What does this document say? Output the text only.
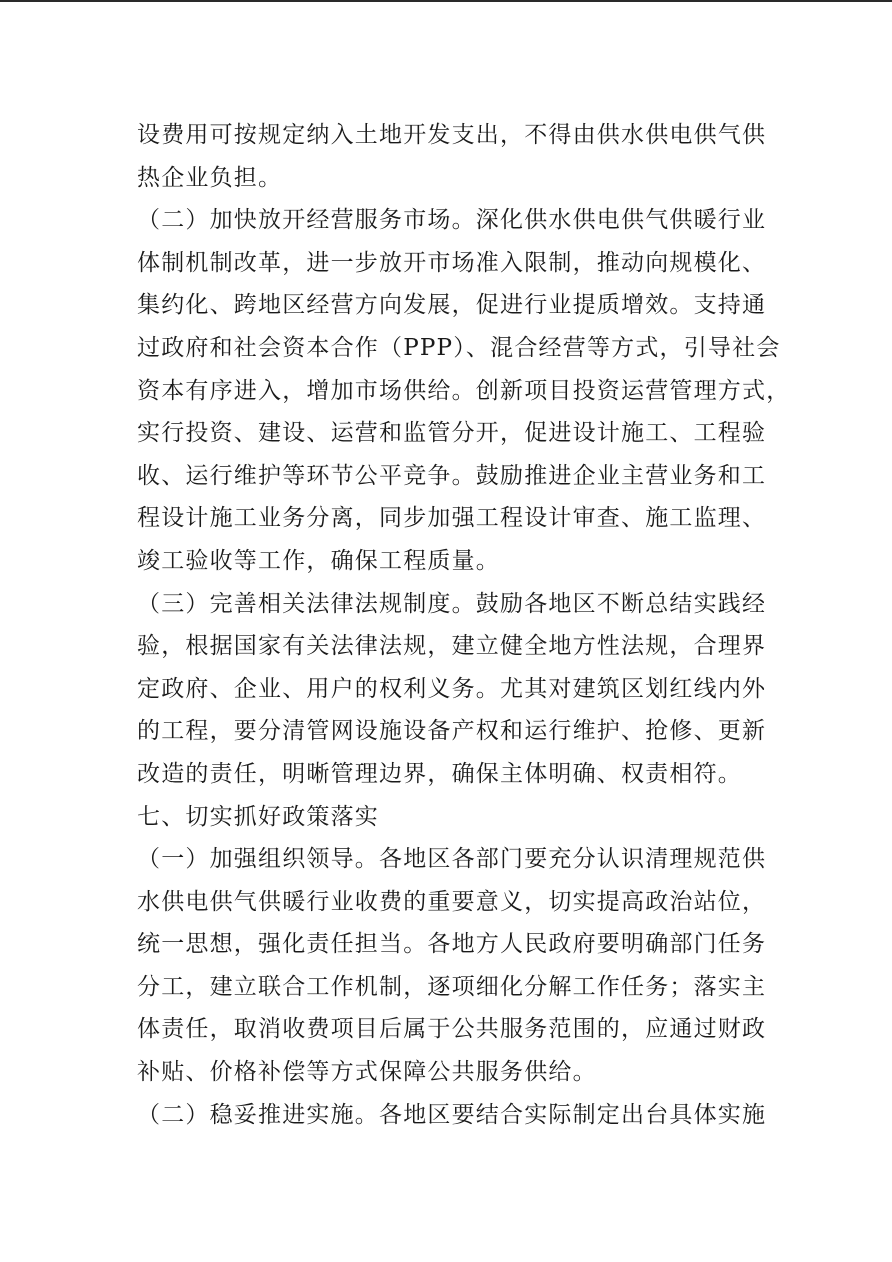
设费用可按规定纳入土地开发支出，不得由供水供电供气供
热企业负担。
（二）加快放开经营服务市场。深化供水供电供气供暖行业
体制机制改革，进一步放开市场准入限制，推动向规模化、
集约化、跨地区经营方向发展，促进行业提质增效。支持通
过政府和社会资本合作（PPP）、混合经营等方式，引导社会
资本有序进入，增加市场供给。创新项目投资运营管理方式，
实行投资、建设、运营和监管分开，促进设计施工、工程验
收、运行维护等环节公平竞争。鼓励推进企业主营业务和工
程设计施工业务分离，同步加强工程设计审查、施工监理、
竣工验收等工作，确保工程质量。
（三）完善相关法律法规制度。鼓励各地区不断总结实践经
验，根据国家有关法律法规，建立健全地方性法规，合理界
定政府、企业、用户的权利义务。尤其对建筑区划红线内外
的工程，要分清管网设施设备产权和运行维护、抢修、更新
改造的责任，明晰管理边界，确保主体明确、权责相符。
七、切实抓好政策落实
（一）加强组织领导。各地区各部门要充分认识清理规范供
水供电供气供暖行业收费的重要意义，切实提高政治站位，
统一思想，强化责任担当。各地方人民政府要明确部门任务
分工，建立联合工作机制，逐项细化分解工作任务；落实主
体责任，取消收费项目后属于公共服务范围的，应通过财政
补贴、价格补偿等方式保障公共服务供给。
（二）稳妥推进实施。各地区要结合实际制定出台具体实施
